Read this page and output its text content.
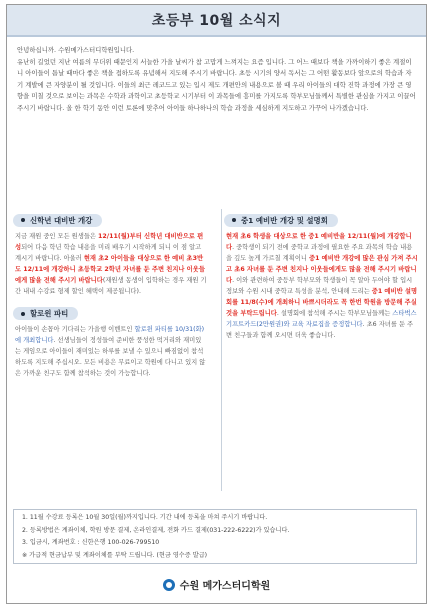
초등부 10월 소식지

안녕하십니까. 수원메가스터디학원입니다.

유난히 길었던 지난 여름의 무더위 때문인지 서늘한 가을 날씨가 참 고맙게 느껴지는 요즘 입니다. 그 어느 때보다 책을 가까이하기 좋은 계절이니 아이들이 틈날 때마다 좋은 책을 접하도록 유념해서 지도해 주시기 바랍니다. 초등 시기의 양서 독서는 그 어떤 활동보다 앞으로의 학습과 자기 계발에 큰 자양분이 될 것입니다. 이들의 최근 레코드고 있는 입시 제도 개편안의 내용으로 볼 때 우리 아이들의 대학 진학 과정에 가장 큰 영향을 미칠 것으로 보이는 과목은 수학과 과학이고 초등학교 시기부터 이 과목들에 흥미를 가지도록 학부모님들께서 특별한 관심을 가지고 이끌어 주시기 바랍니다. 올 한 학기 동안 이런 토론에 맞추어 아이들 하나하나의 학습 과정을 세심하게 지도하고 가꾸어 나가겠습니다.

신학년 대비반 개강
지금 재원 중인 모든 원생들은 12/11(월)부터 신학년 대비반으로 편성되어 다음 학년 학습 내용을 미리 배우기 시작하게 되니 이 점 알고 계시기 바랍니다. 아울러 현재 초2 아이들을 대상으로 한 예비 초3반도 12/11에 개강하니 초등학교 2학년 자녀를 둔 주변 친지나 이웃들에게 많을 전해 주시기 바랍니다(재원생 동생이 입학하는 경우 재원 기간 내내 수강료 형제 할인 혜택이 제공됩니다).
할로윈 파티
아이들이 손꼽아 기다리는 가을행 이벤트인 할로윈 파티를 10/31(화)에 개최합니다. 선생님들이 정성들여 준비한 풍성한 먹거리와 재미있는 게임으로 아이들이 재미있는 하루를 보낼 수 있으니 빠짐없이 참석하도록 지도해 주십시오. 모든 비용은 무료이고 학원에 다니고 있지 않은 가까운 친구도 함께 참석하는 것이 가능합니다.
중1 예비반 개강 및 설명회
현재 초6 학생을 대상으로 한 중1 예비반을 12/11(월)에 개강합니다. 중학생이 되기 전에 중학교 과정에 필요한 주요 과목의 학습 내용을 깊도 높게 가르칠 계획이니 중1 예비반 개강에 많은 관심 가져 주시고 초6 자녀를 둔 주변 친지나 이웃들에게도 많을 전해 주시기 바랍니다. 이와 관련하여 중등부 학부모와 학생들이 꼭 알아 두어야 할 입시 정보와 수원 시내 중학교 특성을 분석, 안내해 드리는 중1 예비반 설명회를 11/8(수)에 개최하니 바쁘시더라도 꼭 한번 학원을 방문해 주실 것을 부탁드립니다. 설명회에 참석해 주시는 학부모님들께는 스타벅스 기프트카드(2만원권)와 교육 자료집을 증정합니다. 초6 자녀를 둔 주변 친구들과 함께 오시면 더욱 좋습니다.
1. 11월 수강료 등록은 10월 30일(월)까지입니다. 기간 내에 등록을 마쳐 주시기 바랍니다.
2. 등록방법은 계좌이체, 학원 방문 결제, 온라인결제, 전화 카드 결제(031-222-6222)가 있습니다.
3. 입금시, 계좌번호 : 신한은행 100-026-799510
※ 가급적 현금납부 및 계좌이체를 부탁 드립니다. (현금 영수증 발급)
수원 메가스터디학원
